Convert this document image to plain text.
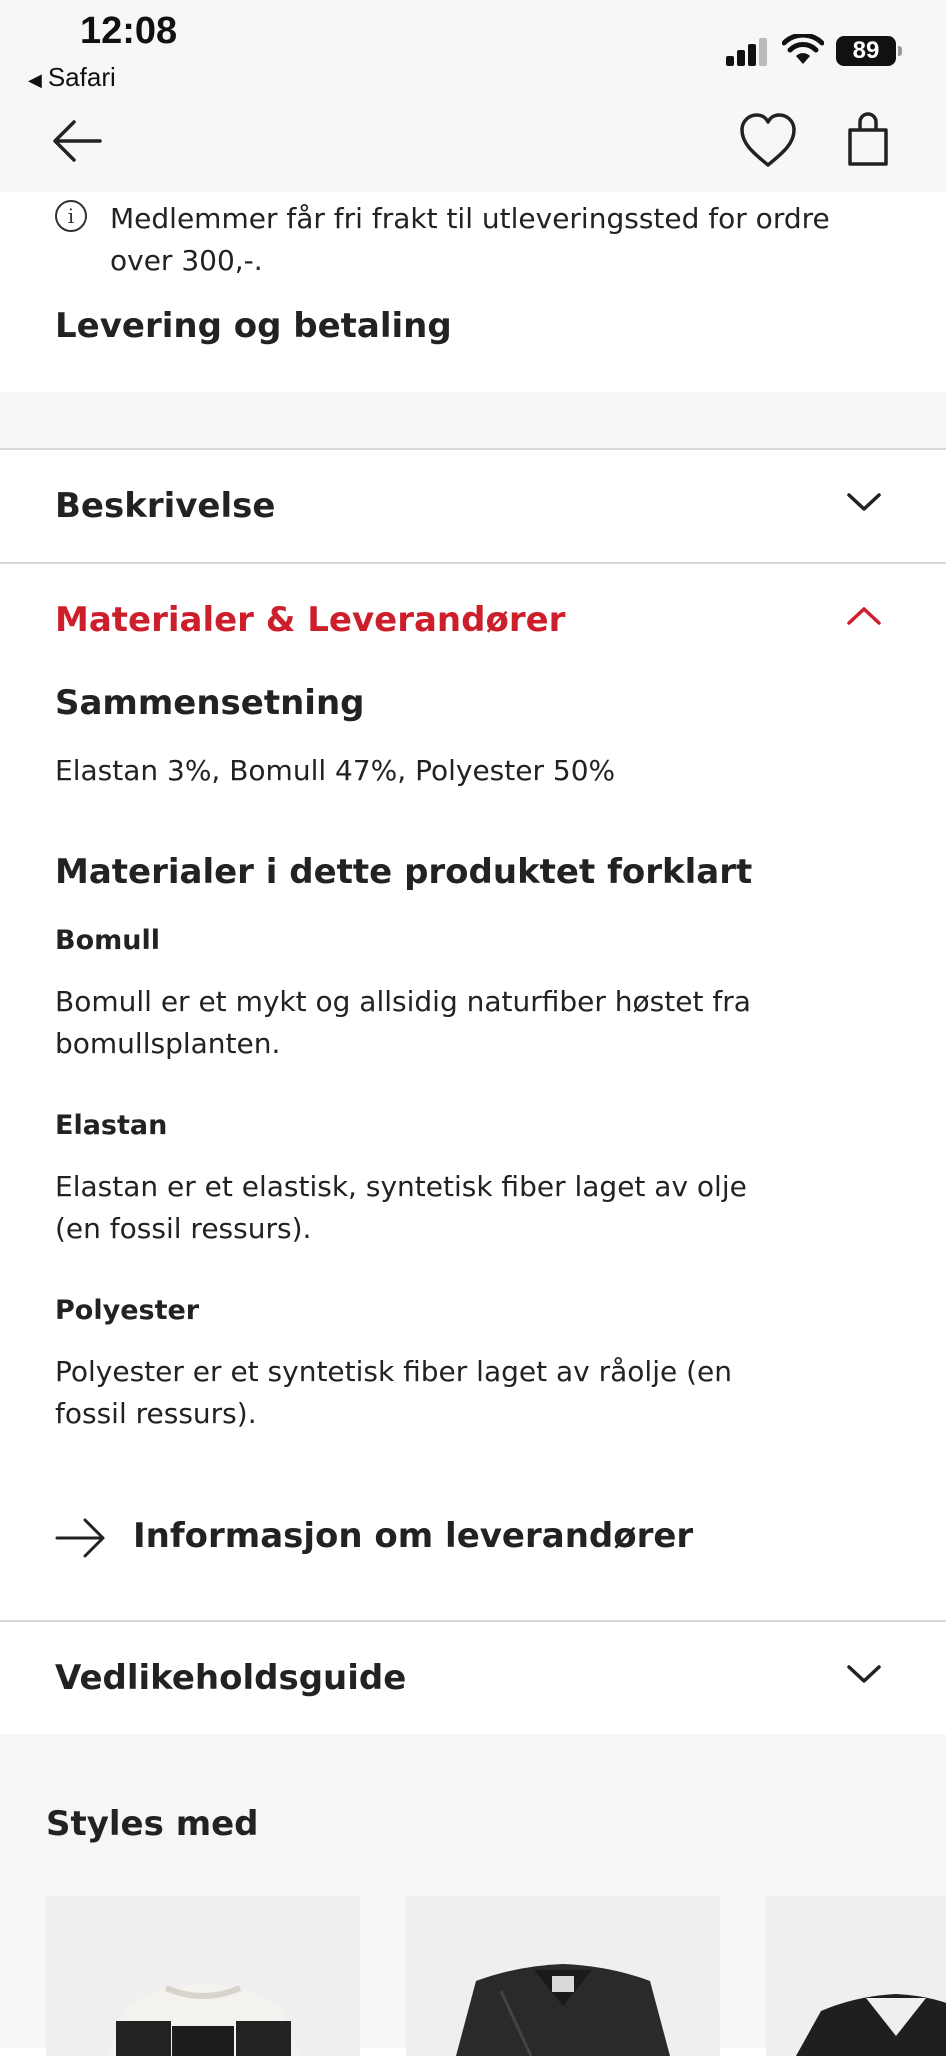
12:08
◀ Safari
89
i	Medlemmer får fri frakt til utleveringssted for ordre over 300,-.
Levering og betaling
Beskrivelse
Materialer & Leverandører
Sammensetning
Elastan 3%, Bomull 47%, Polyester 50%
Materialer i dette produktet forklart
Bomull
Bomull er et mykt og allsidig naturfiber høstet fra bomullsplanten.
Elastan
Elastan er et elastisk, syntetisk fiber laget av olje (en fossil ressurs).
Polyester
Polyester er et syntetisk fiber laget av råolje (en fossil ressurs).
Informasjon om leverandører
Vedlikeholdsguide
Styles med
